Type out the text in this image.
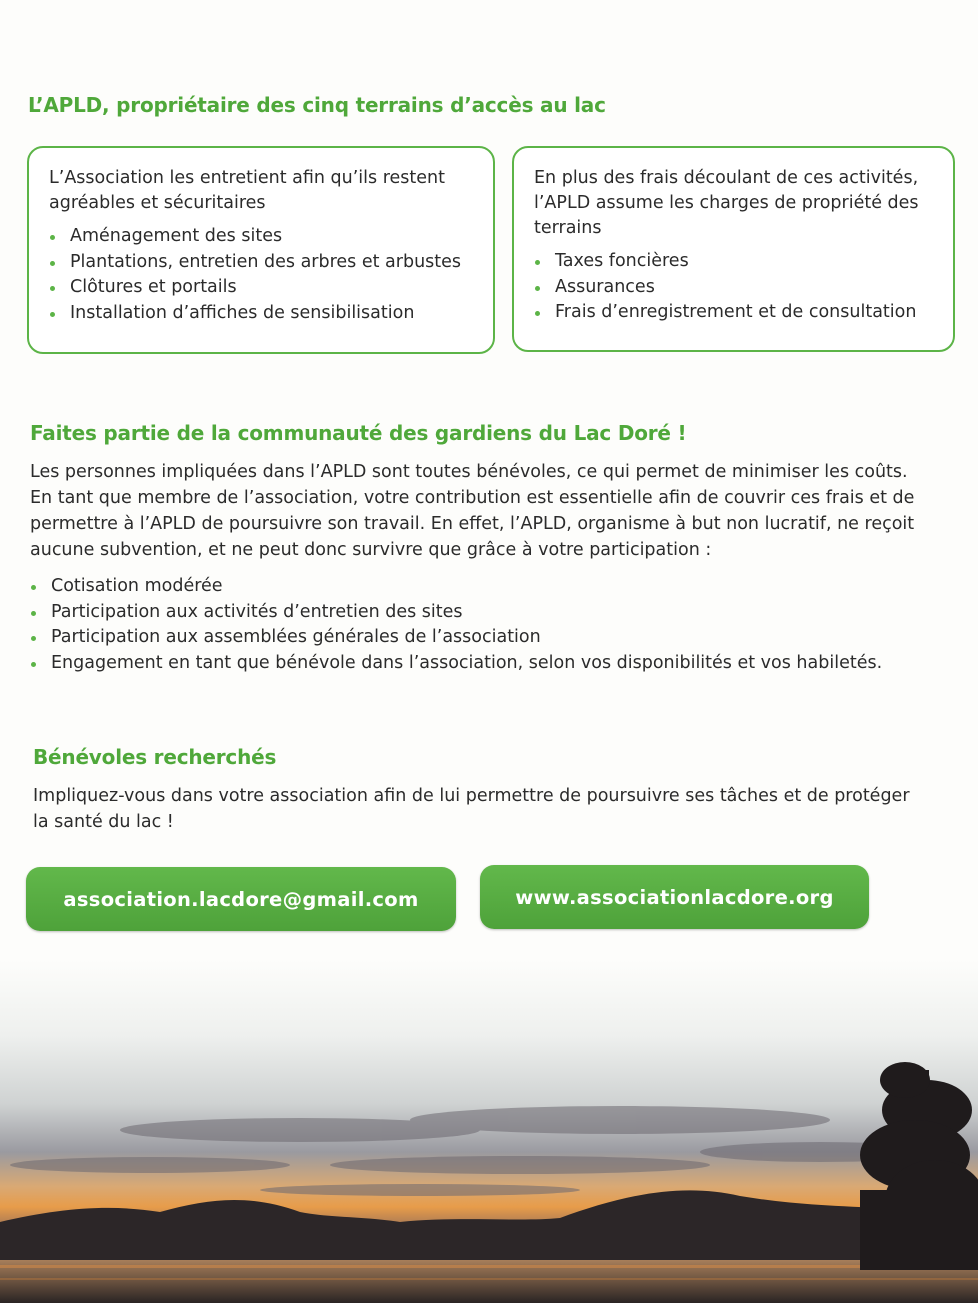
L’APLD, propriétaire des cinq terrains d’accès au lac

L’Association les entretient afin qu’ils restent agréables et sécuritaires

Aménagement des sites
Plantations, entretien des arbres et arbustes
Clôtures et portails
Installation d’affiches de sensibilisation

En plus des frais découlant de ces activités, l’APLD assume les charges de propriété des terrains

Taxes foncières
Assurances
Frais d’enregistrement et de consultation
Faites partie de la communauté des gardiens du Lac Doré !

Les personnes impliquées dans l’APLD sont toutes bénévoles, ce qui permet de minimiser les coûts. En tant que membre de l’association, votre contribution est essentielle afin de couvrir ces frais et de permettre à l’APLD de poursuivre son travail. En effet, l’APLD, organisme à but non lucratif, ne reçoit aucune subvention, et ne peut donc survivre que grâce à votre participation :

Cotisation modérée
Participation aux activités d’entretien des sites
Participation aux assemblées générales de l’association
Engagement en tant que bénévole dans l’association, selon vos disponibilités et vos habiletés.
Bénévoles recherchés

Impliquez-vous dans votre association afin de lui permettre de poursuivre ses tâches et de protéger la santé du lac !

association.lacdore@gmail.com	www.associationlacdore.org
